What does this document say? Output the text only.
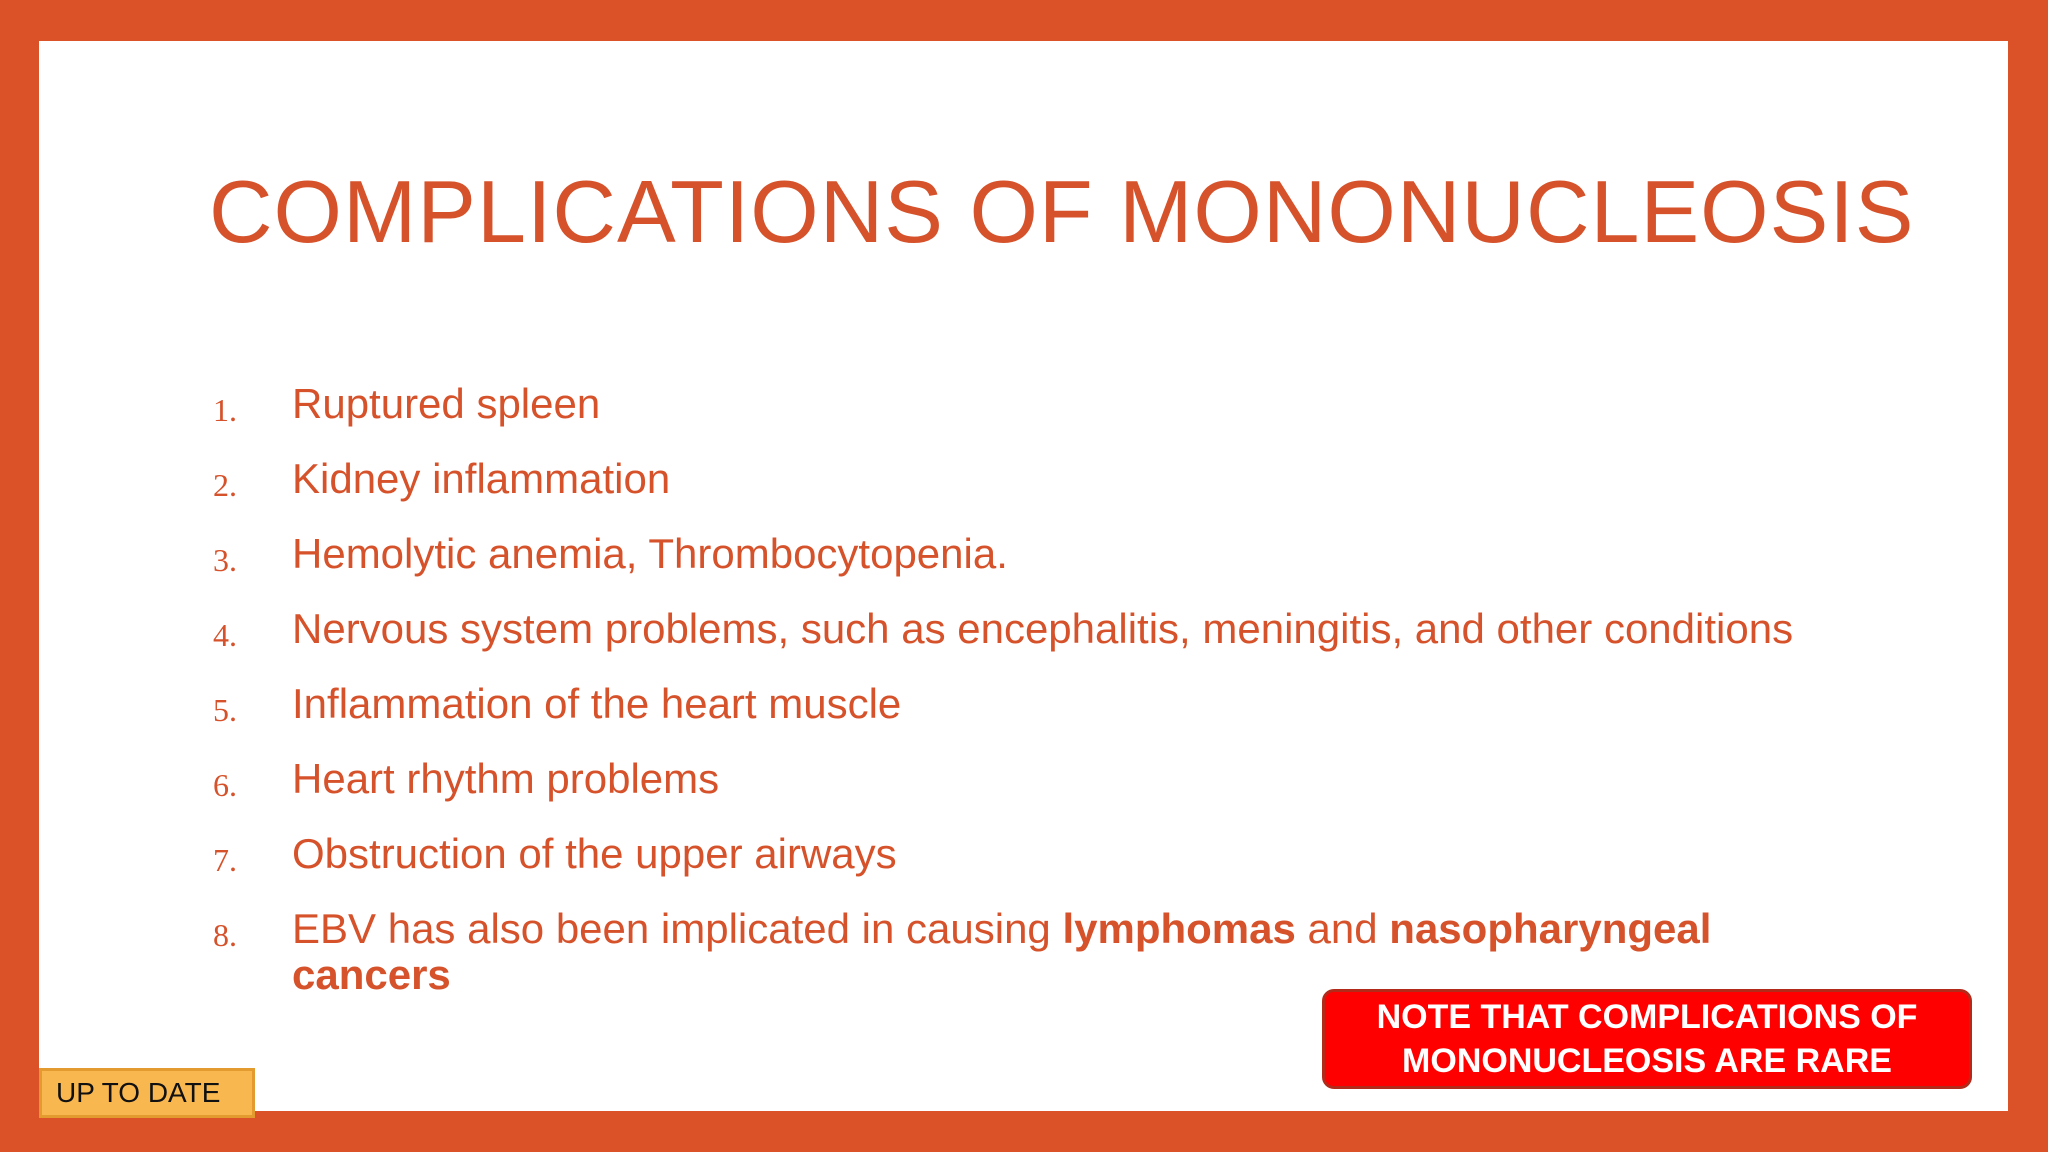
COMPLICATIONS OF MONONUCLEOSIS
1.	Ruptured spleen
2.	Kidney inflammation
3.	Hemolytic anemia, Thrombocytopenia.
4.	Nervous system problems, such as encephalitis, meningitis, and other conditions
5.	Inflammation of the heart muscle
6.	Heart rhythm problems
7.	Obstruction of the upper airways
8.	EBV has also been implicated in causing lymphomas and nasopharyngeal cancers
NOTE THAT COMPLICATIONS OF MONONUCLEOSIS ARE RARE
UP TO DATE
